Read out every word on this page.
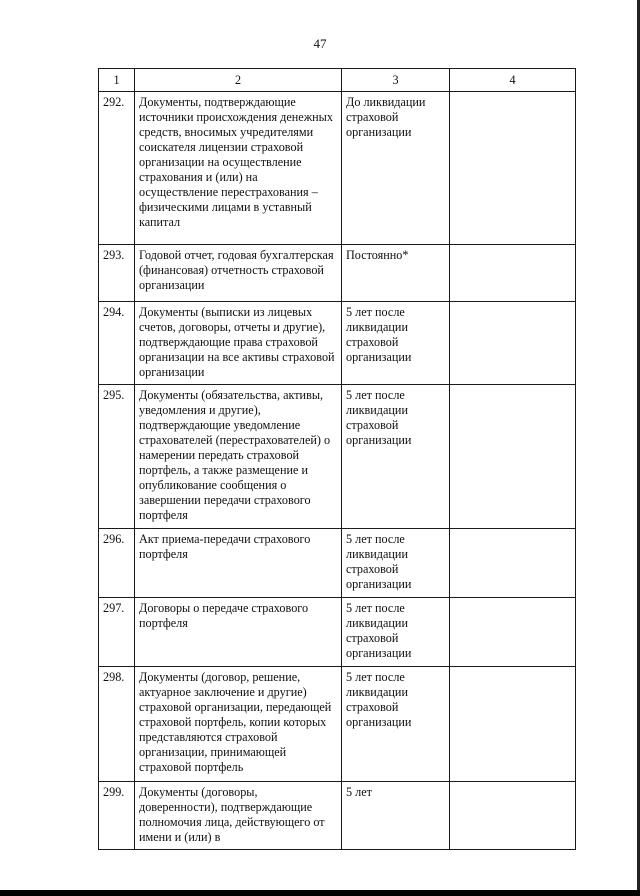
47
1	2	3	4
292.	Документы, подтверждающие источники происхождения денежных средств, вносимых учредителями соискателя лицензии страховой организации на осуществление страхования и (или) на осуществление перестрахования – физическими лицами в уставный капитал	До ликвидации страховой организации	
293.	Годовой отчет, годовая бухгалтерская (финансовая) отчетность страховой организации	Постоянно*	
294.	Документы (выписки из лицевых счетов, договоры, отчеты и другие), подтверждающие права страховой организации на все активы страховой организации	5 лет после ликвидации страховой организации	
295.	Документы (обязательства, активы, уведомления и другие), подтверждающие уведомление страхователей (перестрахователей) о намерении передать страховой портфель, а также размещение и опубликование сообщения о завершении передачи страхового портфеля	5 лет после ликвидации страховой организации	
296.	Акт приема-передачи страхового портфеля	5 лет после ликвидации страховой организации	
297.	Договоры о передаче страхового портфеля	5 лет после ликвидации страховой организации	
298.	Документы (договор, решение, актуарное заключение и другие) страховой организации, передающей страховой портфель, копии которых представляются страховой организации, принимающей страховой портфель	5 лет после ликвидации страховой организации	
299.	Документы (договоры, доверенности), подтверждающие полномочия лица, действующего от имени и (или) в	5 лет	
